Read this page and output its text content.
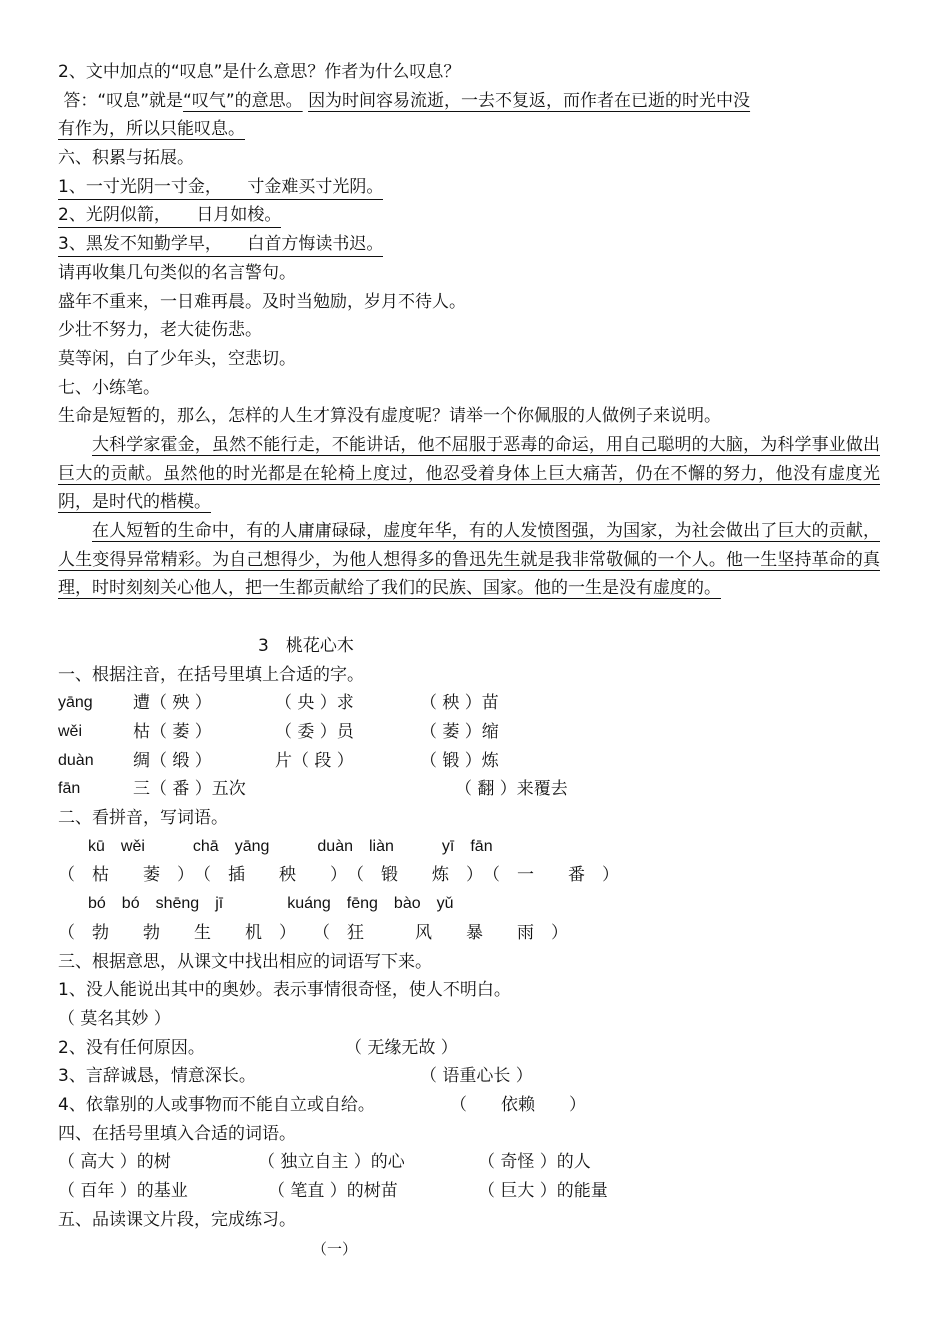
2、文中加点的“叹息”是什么意思？作者为什么叹息？
答：“叹息”就是“叹气”的意思。 因为时间容易流逝，一去不复返，而作者在已逝的时光中没
有作为，所以只能叹息。
六、积累与拓展。
1、一寸光阴一寸金，　　寸金难买寸光阴。
2、光阴似箭，　　日月如梭。
3、黑发不知勤学早，　　白首方悔读书迟。
请再收集几句类似的名言警句。
盛年不重来，一日难再晨。及时当勉励，岁月不待人。
少壮不努力，老大徒伤悲。
莫等闲，白了少年头，空悲切。
七、小练笔。
生命是短暂的，那么，怎样的人生才算没有虚度呢？请举一个你佩服的人做例子来说明。
大科学家霍金，虽然不能行走，不能讲话，他不屈服于恶毒的命运，用自己聪明的大脑，为科学事业做出巨大的贡献。虽然他的时光都是在轮椅上度过，他忍受着身体上巨大痛苦，仍在不懈的努力，他没有虚度光阴，是时代的楷模。
在人短暂的生命中，有的人庸庸碌碌，虚度年华，有的人发愤图强，为国家，为社会做出了巨大的贡献，人生变得异常精彩。为自己想得少，为他人想得多的鲁迅先生就是我非常敬佩的一个人。他一生坚持革命的真理，时时刻刻关心他人，把一生都贡献给了我们的民族、国家。他的一生是没有虚度的。
3　桃花心木
一、根据注音，在括号里填上合适的字。
yāng	遭（ 殃 ）	（ 央 ）求	（ 秧 ）苗
wěi	枯（ 萎 ）	（ 委 ）员	（ 萎 ）缩
duàn	绸（ 缎 ）	片（ 段 ）	（ 锻 ）炼
fān	三（ 番 ）五次	（ 翻 ）来覆去
二、看拼音，写词语。
kū　wěi　　　chā　yāng　　　duàn　liàn　　　yī　fān
（　枯　　萎　）　（　插　　秧　　）　（　锻　　炼　）　（　一　　番　）
bó　bó　shēng　jī　　　　kuáng　fēng　bào　yǔ
（　勃　　勃　　生　　机　）　　（　狂　　　风　　暴　　雨　）
三、根据意思，从课文中找出相应的词语写下来。
1、没人能说出其中的奥妙。表示事情很奇怪，使人不明白。
（ 莫名其妙 ）
2、没有任何原因。	（ 无缘无故 ）
3、言辞诚恳，情意深长。	（ 语重心长 ）
4、依靠别的人或事物而不能自立或自给。	（　　依赖　　）
四、在括号里填入合适的词语。
（ 高大 ）的树	（ 独立自主 ）的心	（ 奇怪 ）的人
（ 百年 ）的基业	（ 笔直 ）的树苗	（ 巨大 ）的能量
五、品读课文片段，完成练习。
（一）
